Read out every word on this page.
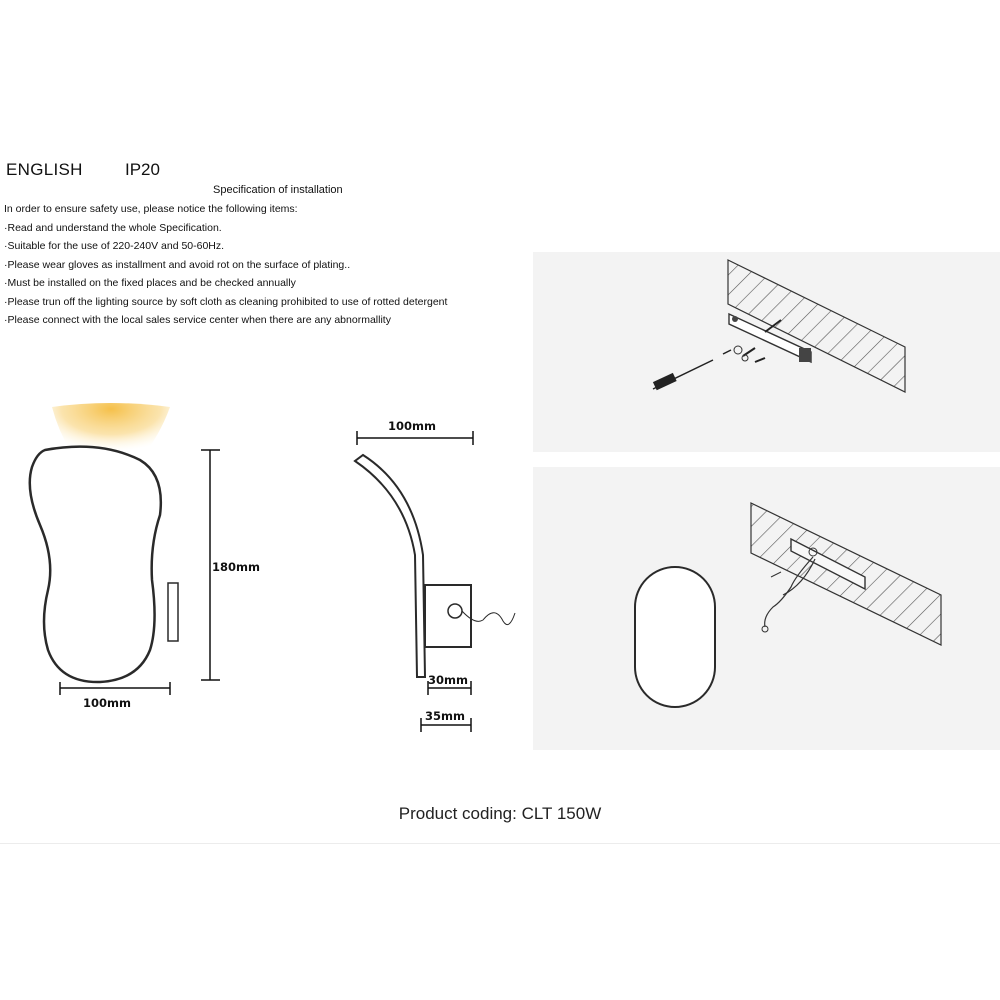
ENGLISH IP20
Specification of installation
In order to ensure safety use, please notice the following items:
·Read and understand the whole Specification.
·Suitable for the use of 220-240V and 50-60Hz.
·Please wear gloves as installment and avoid rot on the surface of plating..
·Must be installed on the fixed places and be checked annually
·Please trun off the lighting source by soft cloth as cleaning prohibited to use of rotted detergent
·Please connect with the local sales service center when there are any abnormallity
180mm
100mm
100mm
30mm
35mm
Product coding: CLT 150W
